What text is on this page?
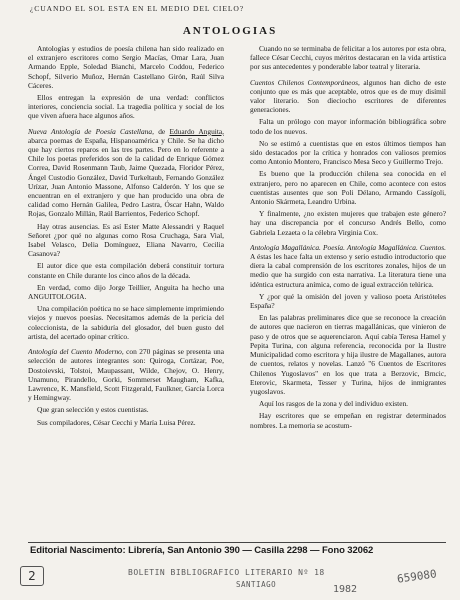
¿CUANDO EL SOL ESTA EN EL MEDIO DEL CIELO?
ANTOLOGIAS

Antologías y estudios de poesía chilena han sido realizado en el extranjero escritores como Sergio Macías, Omar Lara, Juan Armando Epple, Soledad Bianchi, Marcelo Coddou, Federico Schopf, Silverio Muñoz, Hernán Castellano Girón, Raúl Silva Cáceres.

Ellos entregan la expresión de una verdad: conflictos interiores, conciencia social. La tragedia política y social de los que viven afuera hace algunos años.

Nueva Antología de Poesía Castellana, de Eduardo Anguita, abarca poemas de España, Hispanoamérica y Chile. Se ha dicho que hay ciertos reparos en las tres partes. Pero en lo referente a Chile los poetas preferidos son de la calidad de Enrique Gómez Correa, David Rosenmann Taub, Jaime Quezada, Floridor Pérez, Ángel Custodio González, David Turkeltaub, Fernando González Urízar, Juan Antonio Massone, Alfonso Calderón. Y los que se encuentran en el extranjero y que han producido una obra de calidad como Hernán Galilea, Pedro Lastra, Óscar Hahn, Waldo Rojas, Gonzalo Millán, Raúl Barrientos, Federico Schopf.

Hay otras ausencias. Es así Ester Matte Alessandri y Raquel Señoret ¿por qué no algunas como Rosa Cruchaga, Sara Vial, Isabel Velasco, Delia Domínguez, Eliana Navarro, Cecilia Casanova?

El autor dice que esta compilación deberá constituir tortura constante en Chile durante los cinco años de la década.

En verdad, como dijo Jorge Teillier, Anguita ha hecho una ANGUITOLOGIA.

Una compilación poética no se hace simplemente imprimiendo viejos y nuevos poesías. Necesitamos además de la pericia del coleccionista, de la sabiduría del glosador, del buen gusto del artista, del acertado opinar crítico.

Antología del Cuento Moderno, con 270 páginas se presenta una selección de autores integrantes son: Quiroga, Cortázar, Poe, Dostoievski, Tolstoi, Maupassant, Wilde, Chejov, O. Henry, Unamuno, Pirandello, Gorki, Sommerset Maugham, Kafka, Lawrence, K. Mansfield, Scott Fitzgerald, Faulkner, García Lorca y Hemingway.

Que gran selección y estos cuentistas.

Sus compiladores, César Cecchi y María Luisa Pérez.

Cuando no se terminaba de felicitar a los autores por esta obra, fallece César Cecchi, cuyos méritos destacaran en la vida artística por sus antecedentes y ponderable labor teatral y literaria.

Cuentos Chilenos Contemporáneos, algunos han dicho de este conjunto que es más que aceptable, otros que es de muy disímil valor literario. Son dieciocho escritores de diferentes generaciones.

Falta un prólogo con mayor información bibliográfica sobre todo de los nuevos.

No se estimó a cuentistas que en estos últimos tiempos han sido destacados por la crítica y honrados con valiosos premios como Antonio Montero, Francisco Mesa Seco y Guillermo Trejo.

Es bueno que la producción chilena sea conocida en el extranjero, pero no aparecen en Chile, como acontece con estos cuentistas ausentes que son Poli Délano, Armando Cassígoli, Antonio Skármeta, Leandro Urbina.

Y finalmente, ¿no existen mujeres que trabajen este género? hay una discrepancia por el concurso Andrés Bello, como Gabriela Lezaeta o la célebra Virginia Cox.

Antología Magallánica. Poesía. Antología Magallánica. Cuentos. A éstas les hace falta un extenso y serio estudio introductorio que diera la cabal comprensión de los escritores zonales, hijos de un medio que ha surgido con esta narrativa. La literatura tiene una idéntica estructura anímica, como de igual extracción telúrica.

Y ¿por qué la omisión del joven y valioso poeta Aristóteles España?

En las palabras preliminares dice que se reconoce la creación de autores que nacieron en tierras magallánicas, que vinieron de paso y de otros que se aquerenciaron. Aquí cabía Teresa Hamel y Pepita Turina, con alguna referencia, reconocida por la Ilustre Municipalidad como escritora y hija ilustre de Magallanes, autora de cuentos, relatos y novelas. Lanzó "6 Cuentos de Escritores Chilenos Yugoslavos" en los que trata a Berzovic, Brncic, Eterovic, Skarmeta, Tesser y Turina, hijos de inmigrantes yugoslavos.

Aquí los rasgos de la zona y del individuo existen.

Hay escritores que se empeñan en registrar determinados nombres. La memoria se acostum-

Editorial Nascimento: Librería, San Antonio 390 — Casilla 2298 — Fono 32062
2	BOLETIN BIBLIOGRAFICO LITERARIO Nº 18
SANTIAGO	1982
659080
